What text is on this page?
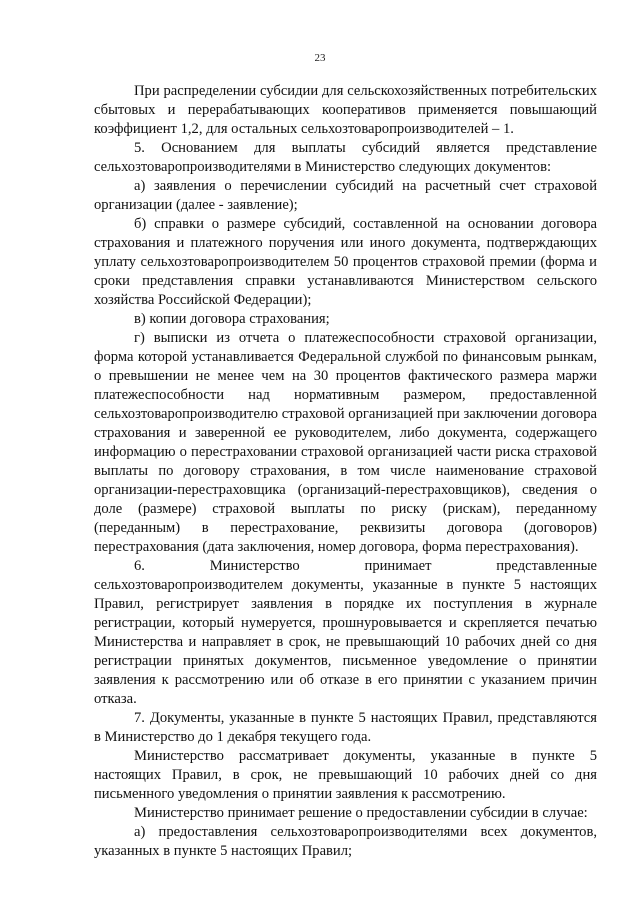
23

При распределении субсидии для сельскохозяйственных потребительских сбытовых и перерабатывающих кооперативов применяется повышающий коэффициент 1,2, для остальных сельхозтоваропроизводителей – 1.

5. Основанием для выплаты субсидий является представление сельхозтоваропроизводителями в Министерство следующих документов:

а) заявления о перечислении субсидий на расчетный счет страховой организации (далее - заявление);

б) справки о размере субсидий, составленной на основании договора страхования и платежного поручения или иного документа, подтверждающих уплату сельхозтоваропроизводителем 50 процентов страховой премии (форма и сроки представления справки устанавливаются Министерством сельского хозяйства Российской Федерации);

в) копии договора страхования;

г) выписки из отчета о платежеспособности страховой организации, форма которой устанавливается Федеральной службой по финансовым рынкам, о превышении не менее чем на 30 процентов фактического размера маржи платежеспособности над нормативным размером, предоставленной сельхозтоваропроизводителю страховой организацией при заключении договора страхования и заверенной ее руководителем, либо документа, содержащего информацию о перестраховании страховой организацией части риска страховой выплаты по договору страхования, в том числе наименование страховой организации-перестраховщика (организаций-перестраховщиков), сведения о доле (размере) страховой выплаты по риску (рискам), переданному (переданным) в перестрахование, реквизиты договора (договоров) перестрахования (дата заключения, номер договора, форма перестрахования).

6. Министерство принимает представленные сельхозтоваропроизводителем документы, указанные в пункте 5 настоящих Правил, регистрирует заявления в порядке их поступления в журнале регистрации, который нумеруется, прошнуровывается и скрепляется печатью Министерства и направляет в срок, не превышающий 10 рабочих дней со дня регистрации принятых документов, письменное уведомление о принятии заявления к рассмотрению или об отказе в его принятии с указанием причин отказа.

7. Документы, указанные в пункте 5 настоящих Правил, представляются в Министерство до 1 декабря текущего года.

Министерство рассматривает документы, указанные в пункте 5 настоящих Правил, в срок, не превышающий 10 рабочих дней со дня письменного уведомления о принятии заявления к рассмотрению.

Министерство принимает решение о предоставлении субсидии в случае:

а) предоставления сельхозтоваропроизводителями всех документов, указанных в пункте 5 настоящих Правил;
